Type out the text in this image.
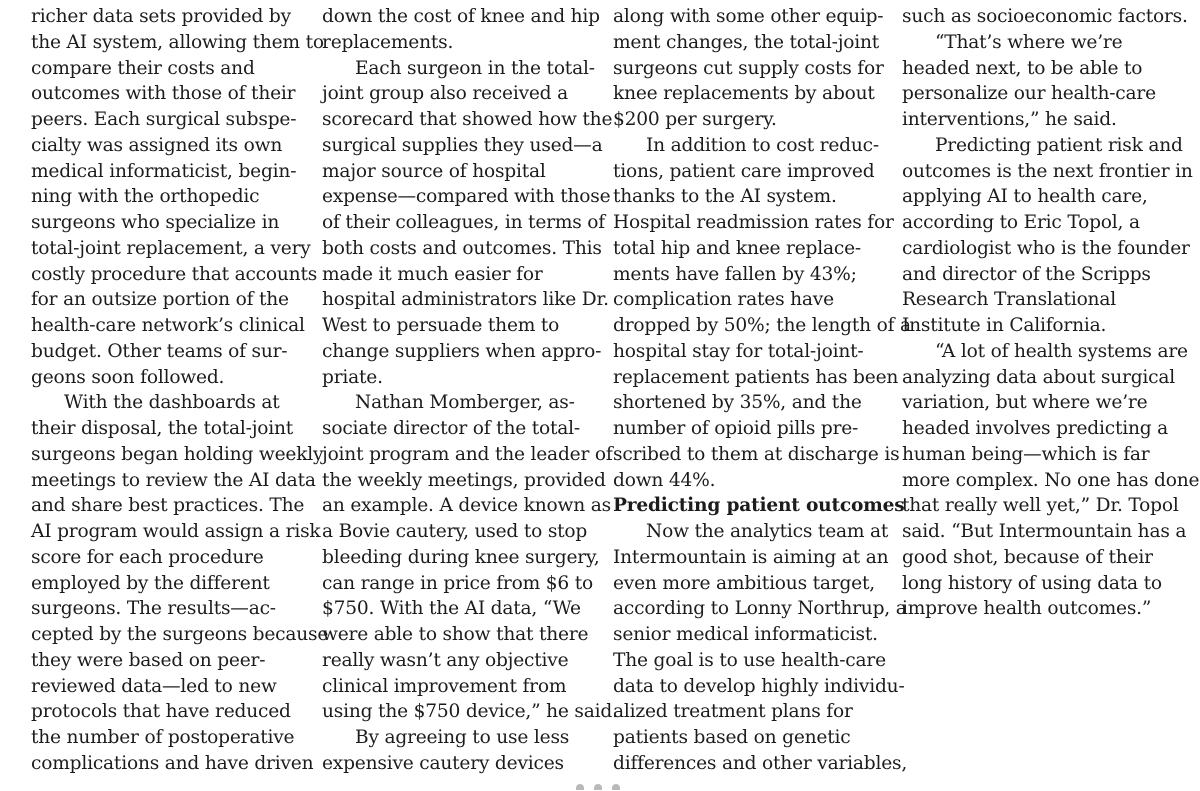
richer data sets provided by
the AI system, allowing them to
compare their costs and
outcomes with those of their
peers. Each surgical subspe-
cialty was assigned its own
medical informaticist, begin-
ning with the orthopedic
surgeons who specialize in
total-joint replacement, a very
costly procedure that accounts
for an outsize portion of the
health-care network’s clinical
budget. Other teams of sur-
geons soon followed.
With the dashboards at
their disposal, the total-joint
surgeons began holding weekly
meetings to review the AI data
and share best practices. The
AI program would assign a risk
score for each procedure
employed by the different
surgeons. The results—ac-
cepted by the surgeons because
they were based on peer-
reviewed data—led to new
protocols that have reduced
the number of postoperative
complications and have driven
down the cost of knee and hip
replacements.
Each surgeon in the total-
joint group also received a
scorecard that showed how the
surgical supplies they used—a
major source of hospital
expense—compared with those
of their colleagues, in terms of
both costs and outcomes. This
made it much easier for
hospital administrators like Dr.
West to persuade them to
change suppliers when appro-
priate.
Nathan Momberger, as-
sociate director of the total-
joint program and the leader of
the weekly meetings, provided
an example. A device known as
a Bovie cautery, used to stop
bleeding during knee surgery,
can range in price from $6 to
$750. With the AI data, “We
were able to show that there
really wasn’t any objective
clinical improvement from
using the $750 device,” he said.
By agreeing to use less
expensive cautery devices
along with some other equip-
ment changes, the total-joint
surgeons cut supply costs for
knee replacements by about
$200 per surgery.
In addition to cost reduc-
tions, patient care improved
thanks to the AI system.
Hospital readmission rates for
total hip and knee replace-
ments have fallen by 43%;
complication rates have
dropped by 50%; the length of a
hospital stay for total-joint-
replacement patients has been
shortened by 35%, and the
number of opioid pills pre-
scribed to them at discharge is
down 44%.
Predicting patient outcomes
Now the analytics team at
Intermountain is aiming at an
even more ambitious target,
according to Lonny Northrup, a
senior medical informaticist.
The goal is to use health-care
data to develop highly individu-
alized treatment plans for
patients based on genetic
differences and other variables,
such as socioeconomic factors.
“That’s where we’re
headed next, to be able to
personalize our health-care
interventions,” he said.
Predicting patient risk and
outcomes is the next frontier in
applying AI to health care,
according to Eric Topol, a
cardiologist who is the founder
and director of the Scripps
Research Translational
Institute in California.
“A lot of health systems are
analyzing data about surgical
variation, but where we’re
headed involves predicting a
human being—which is far
more complex. No one has done
that really well yet,” Dr. Topol
said. “But Intermountain has a
good shot, because of their
long history of using data to
improve health outcomes.”
